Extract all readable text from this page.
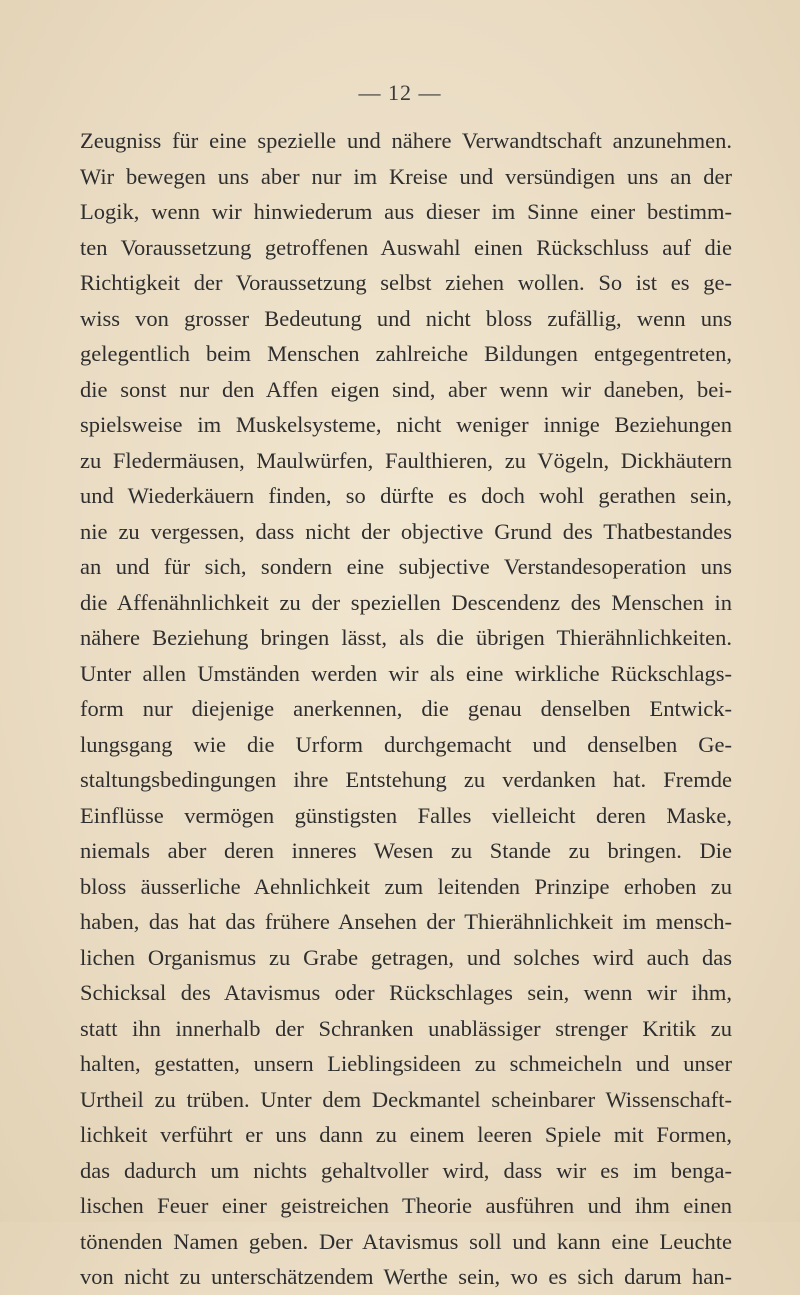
— 12 —
Zeugniss für eine spezielle und nähere Verwandtschaft anzunehmen.
Wir bewegen uns aber nur im Kreise und versündigen uns an der
Logik, wenn wir hinwiederum aus dieser im Sinne einer bestimm-
ten Voraussetzung getroffenen Auswahl einen Rückschluss auf die
Richtigkeit der Voraussetzung selbst ziehen wollen. So ist es ge-
wiss von grosser Bedeutung und nicht bloss zufällig, wenn uns
gelegentlich beim Menschen zahlreiche Bildungen entgegentreten,
die sonst nur den Affen eigen sind, aber wenn wir daneben, bei-
spielsweise im Muskelsysteme, nicht weniger innige Beziehungen
zu Fledermäusen, Maulwürfen, Faulthieren, zu Vögeln, Dickhäutern
und Wiederkäuern finden, so dürfte es doch wohl gerathen sein,
nie zu vergessen, dass nicht der objective Grund des Thatbestandes
an und für sich, sondern eine subjective Verstandesoperation uns
die Affenähnlichkeit zu der speziellen Descendenz des Menschen in
nähere Beziehung bringen lässt, als die übrigen Thierähnlichkeiten.
Unter allen Umständen werden wir als eine wirkliche Rückschlags-
form nur diejenige anerkennen, die genau denselben Entwick-
lungsgang wie die Urform durchgemacht und denselben Ge-
staltungsbedingungen ihre Entstehung zu verdanken hat. Fremde
Einflüsse vermögen günstigsten Falles vielleicht deren Maske,
niemals aber deren inneres Wesen zu Stande zu bringen. Die
bloss äusserliche Aehnlichkeit zum leitenden Prinzipe erhoben zu
haben, das hat das frühere Ansehen der Thierähnlichkeit im mensch-
lichen Organismus zu Grabe getragen, und solches wird auch das
Schicksal des Atavismus oder Rückschlages sein, wenn wir ihm,
statt ihn innerhalb der Schranken unablässiger strenger Kritik zu
halten, gestatten, unsern Lieblingsideen zu schmeicheln und unser
Urtheil zu trüben. Unter dem Deckmantel scheinbarer Wissenschaft-
lichkeit verführt er uns dann zu einem leeren Spiele mit Formen,
das dadurch um nichts gehaltvoller wird, dass wir es im benga-
lischen Feuer einer geistreichen Theorie ausführen und ihm einen
tönenden Namen geben. Der Atavismus soll und kann eine Leuchte
von nicht zu unterschätzendem Werthe sein, wo es sich darum han-
